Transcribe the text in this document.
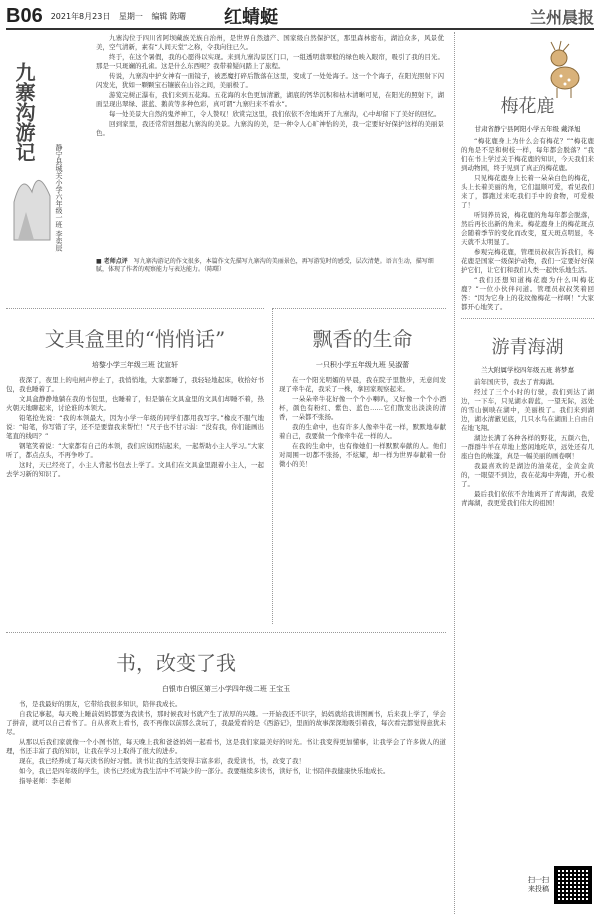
B06 2021年8月23日 星期一 编辑 陈曙	红蜻蜓	兰州晨报
九寨沟游记
静宁县城关小学六年级一班 李奕辰

九寨沟位于四川省阿坝藏族羌族自治州，是世界自然遗产、国家级自然保护区，那里森林密布，湖泊众多，风景优美，空气清新，素有“人间天堂”之称，令我向往已久。

终于，在这个暑假，我的心愿得以实现。来到九寨沟景区门口，一组透明翡翠般的绿色映入眼帘，吸引了我的目光。那是一只斑斓的孔雀。这是什么东西呢？我带着疑问踏上了旅程。

传说，九寨沟中护女神有一面镜子，被恶魔打碎后散落在这里，变成了一处处海子。这一个个海子，在阳光照射下闪闪发光，犹如一颗颗宝石镶嵌在山谷之间，美丽极了。

游览完树正瀑布，我们来到五花海。五花海的水色更加清澈，湖底的钙华沉积和枯木清晰可见，在阳光的照射下，湖面呈现出翠绿、湛蓝、鹅黄等多种色彩，真可谓“九寨归来不看水”。

每一处美景大自然的鬼斧神工，令人赞叹！欣赏完这里，我们依依不舍地离开了九寨沟，心中却留下了美好的回忆。

回到家里，我还常常回想起九寨沟的美景。九寨沟的美，是一种令人心旷神怡的美，我一定要好好保护这样的美丽景色。

■ 老师点评 写九寨沟游记的作文很多，本篇作文先描写九寨沟的美丽景色，再写游览时的感受，层次清楚。语言生动，描写细腻，体现了作者的观察能力与表达能力。（陈曙）
文具盒里的“悄悄话”
培黎小学三年级三班 沈宣轩

夜深了，夜里上的电闸声停止了，我悄悄地，大家都睡了，我轻轻地起床，收拾好书包，我也睡着了。

文具盒静静地躺在我的书包里，也睡着了，但是躺在文具盒里的文具们却睡不着，热火朝天地聊起来，讨论谁的本领大。

铅笔抢先说：“我的本领最大，因为小学一年级的同学们都用我写字。”橡皮不服气地说：“铅笔，你写错了字，还不是要靠我来帮忙！”尺子也不甘示弱：“没有我，你们能画出笔直的线吗？”

钢笔笑着说：“大家都有自己的本领，我们应该团结起来，一起帮助小主人学习。”大家听了，都点点头，不再争吵了。

这时，天已经亮了，小主人背起书包去上学了。文具们在文具盒里跟着小主人，一起去学习新的知识了。

飘香的生命
一只积小学五年级九班 吴淑蕾

在一个阳光明媚的早晨，我在院子里散步，无意间发现了牵牛花，我采了一株，拿回家观察起来。

一朵朵牵牛花好像一个个小喇叭，又好像一个个小酒杯，颜色有粉红、紫色、蓝色……它们散发出淡淡的清香，一朵都不张扬。

我的生命中，也有许多人像牵牛花一样，默默地奉献着自己，我要做一个像牵牛花一样的人。

在我的生命中，也有像她们一样默默奉献的人。他们对周围一切都不张扬，不炫耀，却一样为世界奉献着一份微小的美！

书，改变了我
白银市白银区第三小学四年级二班 王宝玉

书，是我最好的朋友，它带给我很多知识，陪伴我成长。

自我记事起，每天晚上睡前妈妈都要为我读书，那时候我对书就产生了浓厚的兴趣。一开始我还不识字，妈妈就给我讲图画书，后来我上学了，学会了拼音，就可以自己看书了。自从喜欢上看书，我不再像以前那么贪玩了，我最爱看的是《西游记》，里面的故事深深地吸引着我，每次看完都觉得意犹未尽。

从那以后我们家就像一个小图书馆，每天晚上我和爸爸妈妈一起看书，这是我们家最美好的时光。书让我变得更加懂事，让我学会了许多做人的道理，书还丰富了我的知识，让我在学习上取得了很大的进步。

现在，我已经养成了每天读书的好习惯。读书让我的生活变得丰富多彩，我爱读书，书，改变了我！

如今，我已是四年级的学生，读书已经成为我生活中不可缺少的一部分。我要继续多读书，读好书，让书陪伴我健康快乐地成长。

指导老师：李老师

梅花鹿
甘肃省静宁县阿阳小学五年级 戴泽旭

“梅花鹿身上为什么会有梅花？”“梅花鹿的角是不是和树枝一样，每年都会脱落？”我们在书上学过关于梅花鹿的知识，今天我们来到动物园，终于见到了真正的梅花鹿。

只见梅花鹿身上长着一朵朵白色的梅花，头上长着美丽的角，它们温顺可爱，看见我们来了，都跑过来吃我们手中的食物，可爱极了！

听饲养员说，梅花鹿的角每年都会脱落，然后再长出新的角来。梅花鹿身上的梅花斑点会随着季节的变化而改变，夏天斑点明显，冬天就不太明显了。

参观完梅花鹿，管理员叔叔告诉我们，梅花鹿是国家一级保护动物，我们一定要好好保护它们，让它们和我们人类一起快乐地生活。

“我们还想知道梅花鹿为什么叫梅花鹿？”一位小伙伴问道。管理员叔叔笑着回答：“因为它身上的花纹像梅花一样啊！”大家都开心地笑了。

游青海湖
兰大附属学校四年级五班 蒋梦嘉

前年国庆节，我去了青海湖。

经过了三个小时的行驶，我们到达了湖边，一下车，只见湖水碧蓝，一望无际，远处的雪山倒映在湖中，美丽极了。我们来到湖边，湖水清澈见底，几只水鸟在湖面上自由自在地飞翔。

湖边长满了各种各样的野花，五颜六色，一群群牛羊在草地上悠闲地吃草，远处还有几座白色的帐篷，真是一幅美丽的画卷啊！

我最喜欢的是湖边的油菜花，金黄金黄的，一眼望不到边，我在花海中奔跑，开心极了。

最后我们依依不舍地离开了青海湖，我爱青海湖，我更爱我们伟大的祖国！

扫一扫 来投稿
